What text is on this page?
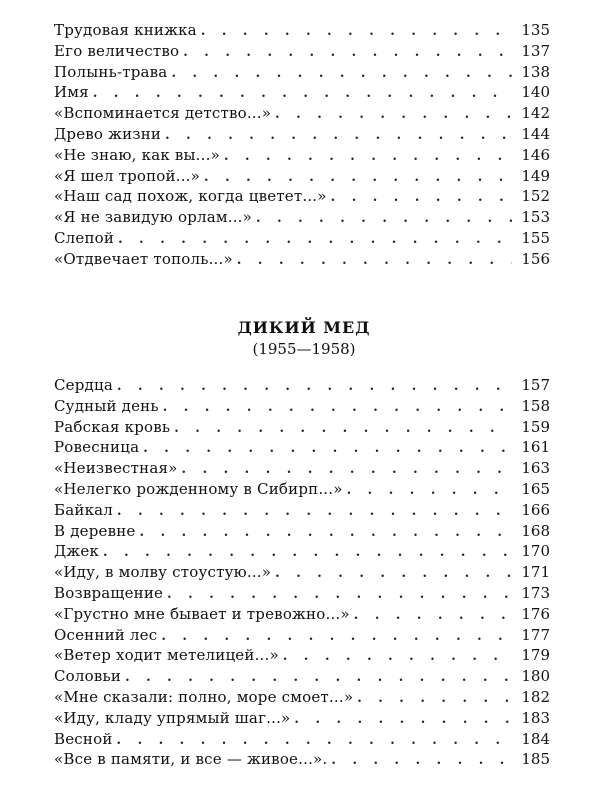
Трудовая книжка . . .	135
Его величество . . .	137
Полынь-трава . . .	138
Имя . . .	140
«Вспоминается детство...» . . .	142
Древо жизни . . .	144
«Не знаю, как вы...» . . .	146
«Я шел тропой...» . . .	149
«Наш сад похож, когда цветет...» . . .	152
«Я не завидую орлам...» . . .	153
Слепой . . .	155
«Отдвечает тополь...» . . .	156
ДИКИЙ МЕД
(1955—1958)
Сердца . . .	157
Судный день . . .	158
Рабская кровь . . .	159
Ровесница . . .	161
«Неизвестная» . . .	163
«Нелегко рожденному в Сибирп...» . . .	165
Байкал . . .	166
В деревне . . .	168
Джек . . .	170
«Иду, в молву стоустую...» . . .	171
Возвращение . . .	173
«Грустно мне бывает и тревожно...» . . .	176
Осенний лес . . .	177
«Ветер ходит метелицей...» . . .	179
Соловьи . . .	180
«Мне сказали: полно, море смоет...» . . .	182
«Иду, кладу упрямый шаг...» . . .	183
Весной . . .	184
«Все в памяти, и все — живое...». . . .	185
